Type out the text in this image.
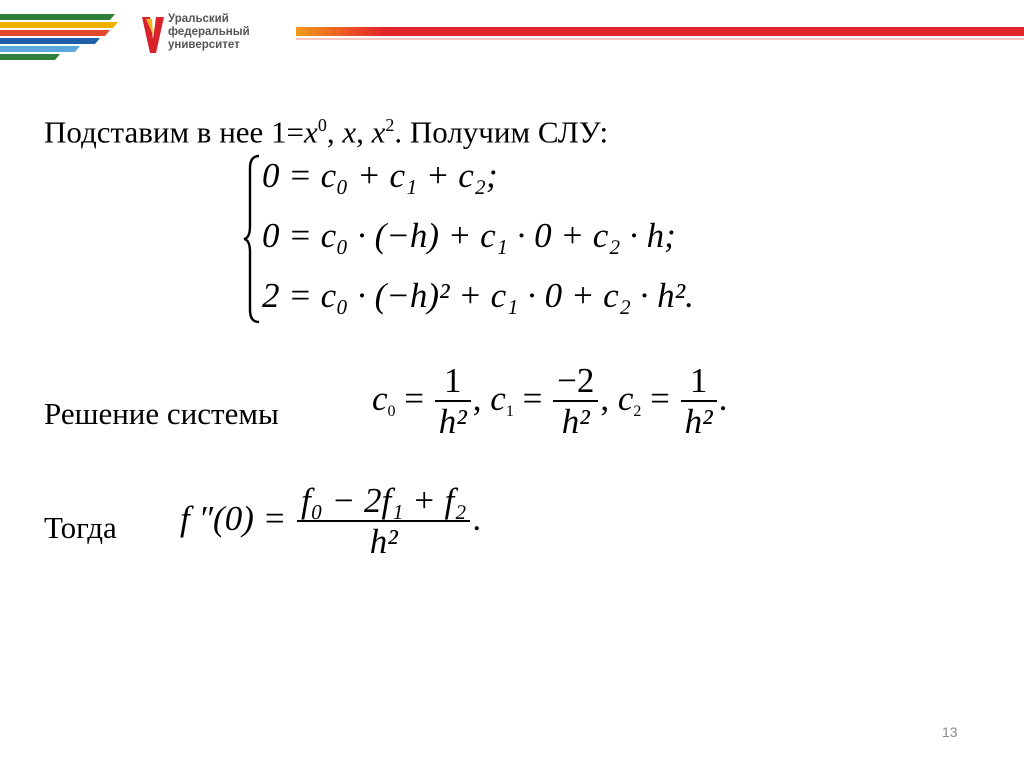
Уральский
федеральный
университет
Подставим в нее $1=x^0$, x, $x^2$. Получим СЛУ:
0 = c₀ + c₁ + c₂;
0 = c₀ · (−h) + c₁ · 0 + c₂ · h;
2 = c₀ · (−h)² + c₁ · 0 + c₂ · h².
Решение системы	$c_0 = \frac{1}{\text{h²}}$ , $c_1 = \frac{-2}{\text{h²}}$ , $c_2 = \frac{1}{\text{h²}}$ .
Тогда f $''(0) = \frac{\text{f₀ − 2f₁ + f₂}}{\text{h²}}$ .
13
